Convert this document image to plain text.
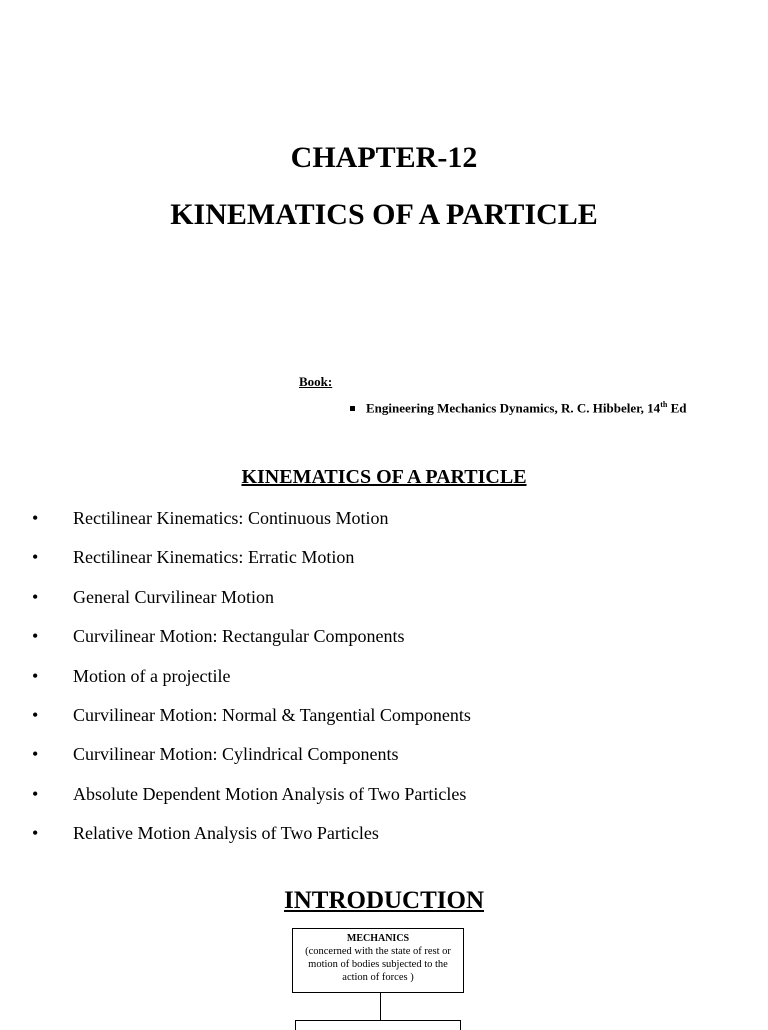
CHAPTER-12
KINEMATICS OF A PARTICLE
Book:
Engineering Mechanics Dynamics, R. C. Hibbeler, 14th Ed
KINEMATICS OF A PARTICLE
• Rectilinear Kinematics: Continuous Motion
• Rectilinear Kinematics: Erratic Motion
• General Curvilinear Motion
• Curvilinear Motion: Rectangular Components
• Motion of a projectile
• Curvilinear Motion: Normal & Tangential Components
• Curvilinear Motion: Cylindrical Components
• Absolute Dependent Motion Analysis of Two Particles
• Relative Motion Analysis of Two Particles
INTRODUCTION
MECHANICS
(concerned with the state of rest or
motion of bodies subjected to the
action of forces )
